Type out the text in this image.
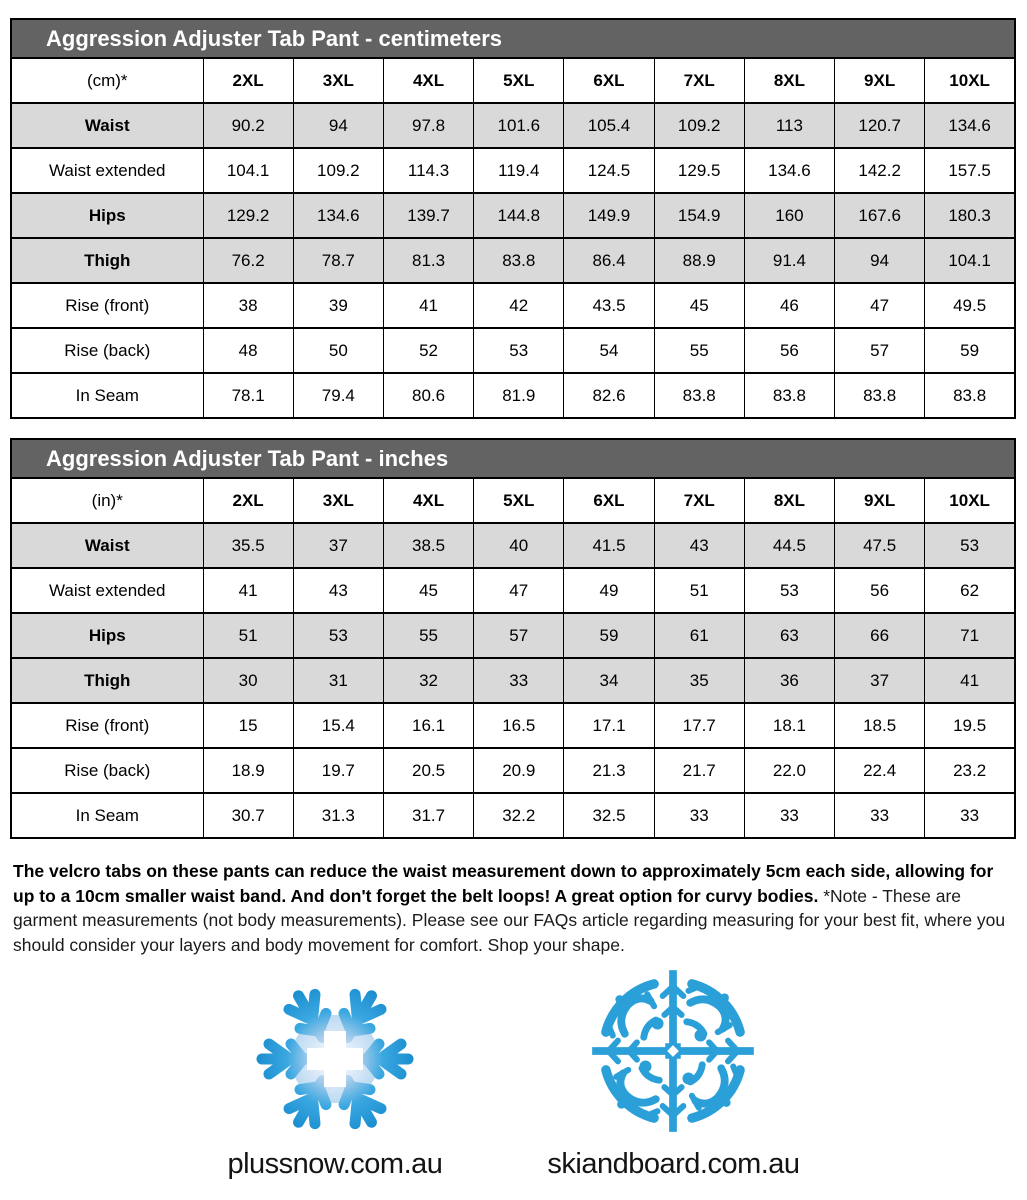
Aggression Adjuster Tab Pant - centimeters									
(cm)*	2XL	3XL	4XL	5XL	6XL	7XL	8XL	9XL	10XL
Waist	90.2	94	97.8	101.6	105.4	109.2	113	120.7	134.6
Waist extended	104.1	109.2	114.3	119.4	124.5	129.5	134.6	142.2	157.5
Hips	129.2	134.6	139.7	144.8	149.9	154.9	160	167.6	180.3
Thigh	76.2	78.7	81.3	83.8	86.4	88.9	91.4	94	104.1
Rise (front)	38	39	41	42	43.5	45	46	47	49.5
Rise (back)	48	50	52	53	54	55	56	57	59
In Seam	78.1	79.4	80.6	81.9	82.6	83.8	83.8	83.8	83.8
Aggression Adjuster Tab Pant - inches									
(in)*	2XL	3XL	4XL	5XL	6XL	7XL	8XL	9XL	10XL
Waist	35.5	37	38.5	40	41.5	43	44.5	47.5	53
Waist extended	41	43	45	47	49	51	53	56	62
Hips	51	53	55	57	59	61	63	66	71
Thigh	30	31	32	33	34	35	36	37	41
Rise (front)	15	15.4	16.1	16.5	17.1	17.7	18.1	18.5	19.5
Rise (back)	18.9	19.7	20.5	20.9	21.3	21.7	22.0	22.4	23.2
In Seam	30.7	31.3	31.7	32.2	32.5	33	33	33	33

The velcro tabs on these pants can reduce the waist measurement down to approximately 5cm each side, allowing for up to a 10cm smaller waist band. And don't forget the belt loops! A great option for curvy bodies. *Note - These are garment measurements (not body measurements). Please see our FAQs article regarding measuring for your best fit, where you should consider your layers and body movement for comfort. Shop your shape.

plussnow.com.au	skiandboard.com.au
